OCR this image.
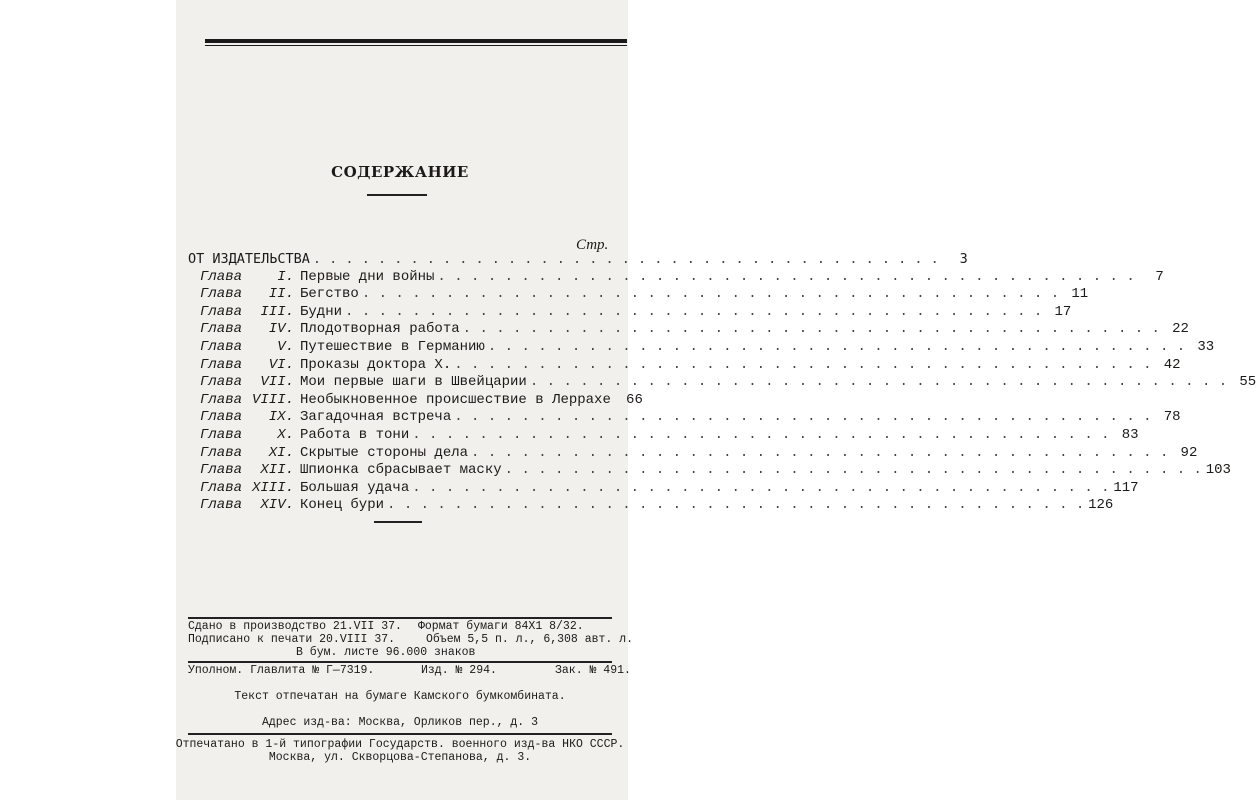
СОДЕРЖАНИЕ
Стр.
ОТ ИЗДАТЕЛЬСТВА . . . . . . . . . . . . . . . . . . . . . . . . . . . . . . . . . . . . . . .	3
Глава	I. Первые дни войны . . . . . . . . . . . . . . . . . . . . . . . . . . . . . . . . . . . . . . . . . .	7
Глава	II. Бегство . . . . . . . . . . . . . . . . . . . . . . . . . . . . . . . . . . . . . . . . . . 11
Глава	III. Будни . . . . . . . . . . . . . . . . . . . . . . . . . . . . . . . . . . . . . . . . . . 17
Глава	IV. Плодотворная работа . . . . . . . . . . . . . . . . . . . . . . . . . . . . . . . . . . . . . . . . . . 22
Глава	V. Путешествие в Германию . . . . . . . . . . . . . . . . . . . . . . . . . . . . . . . . . . . . . . . . . . 33
Глава	VI. Проказы доктора Х. . . . . . . . . . . . . . . . . . . . . . . . . . . . . . . . . . . . . . . . . . . 42
Глава	VII. Мои первые шаги в Швейцарии . . . . . . . . . . . . . . . . . . . . . . . . . . . . . . . . . . . . . . . . . . 55
Глава VIII. Необыкновенное происшествие в Леррахе	66
Глава	IX. Загадочная встреча . . . . . . . . . . . . . . . . . . . . . . . . . . . . . . . . . . . . . . . . . . 78
Глава	X. Работа в тони . . . . . . . . . . . . . . . . . . . . . . . . . . . . . . . . . . . . . . . . . . 83
Глава	XI. Скрытые стороны дела . . . . . . . . . . . . . . . . . . . . . . . . . . . . . . . . . . . . . . . . . . 92
Глава	XII. Шпионка сбрасывает маску . . . . . . . . . . . . . . . . . . . . . . . . . . . . . . . . . . . . . . . . . . 103
Глава XIII. Большая удача . . . . . . . . . . . . . . . . . . . . . . . . . . . . . . . . . . . . . . . . . . 117
Глава	XIV. Конец бури . . . . . . . . . . . . . . . . . . . . . . . . . . . . . . . . . . . . . . . . . . 126
Сдано в производство 21.VII 37.
Подписано к печати 20.VIII 37.
Формат бумаги 84Х1 8/32.
Объем 5,5 п. л., 6,308 авт. л.
В бум. листе 96.000 знаков
Уполном. Главлита № Г—7319.	Изд. № 294.	Зак. № 491.
Текст отпечатан на бумаге Камского бумкомбината.
Адрес изд-ва: Москва, Орликов пер., д. 3
Отпечатано в 1-й типографии Государств. военного изд-ва НКО СССР.
Москва, ул. Скворцова-Степанова, д. 3.
